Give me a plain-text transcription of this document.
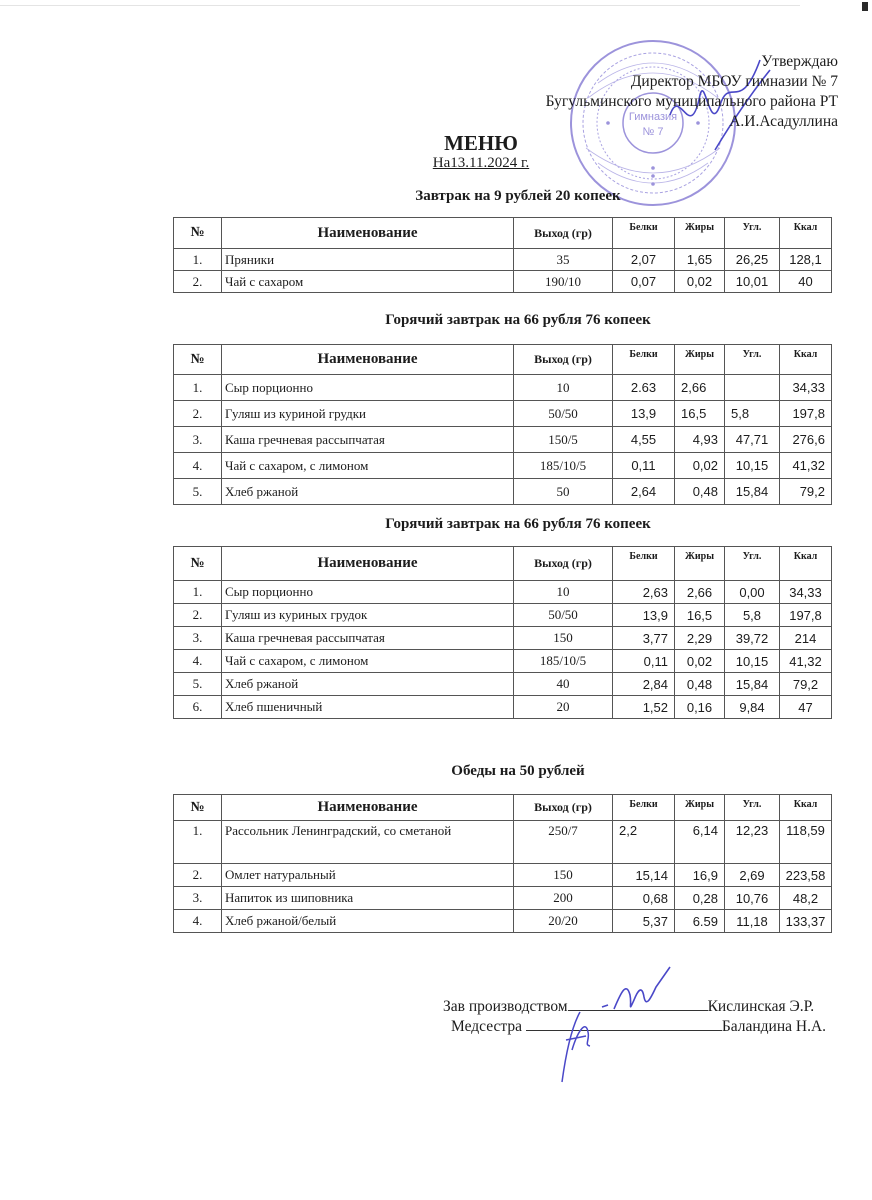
Гимназия
№ 7
Утверждаю
Директор МБОУ гимназии № 7
Бугульминского муниципального района РТ
А.И.Асадуллина
МЕНЮ
На13.11.2024 г.
Завтрак на 9 рублей 20 копеек
№	Наименование	Выход (гр)	Белки	Жиры	Угл.	Ккал
1.	Пряники	35	2,07	1,65	26,25	128,1
2.	Чай с сахаром	190/10	0,07	0,02	10,01	40
Горячий завтрак на 66 рубля 76 копеек
№	Наименование	Выход (гр)	Белки	Жиры	Угл.	Ккал
1.	Сыр порционно	10	2.63	2,66		34,33
2.	Гуляш из куриной грудки	50/50	13,9	16,5	5,8	197,8
3.	Каша гречневая рассыпчатая	150/5	4,55	4,93	47,71	276,6
4.	Чай с сахаром, с лимоном	185/10/5	0,11	0,02	10,15	41,32
5.	Хлеб ржаной	50	2,64	0,48	15,84	79,2
Горячий завтрак на 66 рубля 76 копеек
№	Наименование	Выход (гр)	Белки	Жиры	Угл.	Ккал
1.	Сыр порционно	10	2,63	2,66	0,00	34,33
2.	Гуляш из куриных грудок	50/50	13,9	16,5	5,8	197,8
3.	Каша гречневая рассыпчатая	150	3,77	2,29	39,72	214
4.	Чай с сахаром, с лимоном	185/10/5	0,11	0,02	10,15	41,32
5.	Хлеб ржаной	40	2,84	0,48	15,84	79,2
6.	Хлеб пшеничный	20	1,52	0,16	9,84	47
Обеды на 50 рублей
№	Наименование	Выход (гр)	Белки	Жиры	Угл.	Ккал
1.	Рассольник Ленинградский, со сметаной	250/7	2,2	6,14	12,23	118,59
2.	Омлет натуральный	150	15,14	16,9	2,69	223,58
3.	Напиток из шиповника	200	0,68	0,28	10,76	48,2
4.	Хлеб ржаной/белый	20/20	5,37	6.59	11,18	133,37
Зав производством	Кислинская Э.Р.
Медсестра	Баландина Н.А.
